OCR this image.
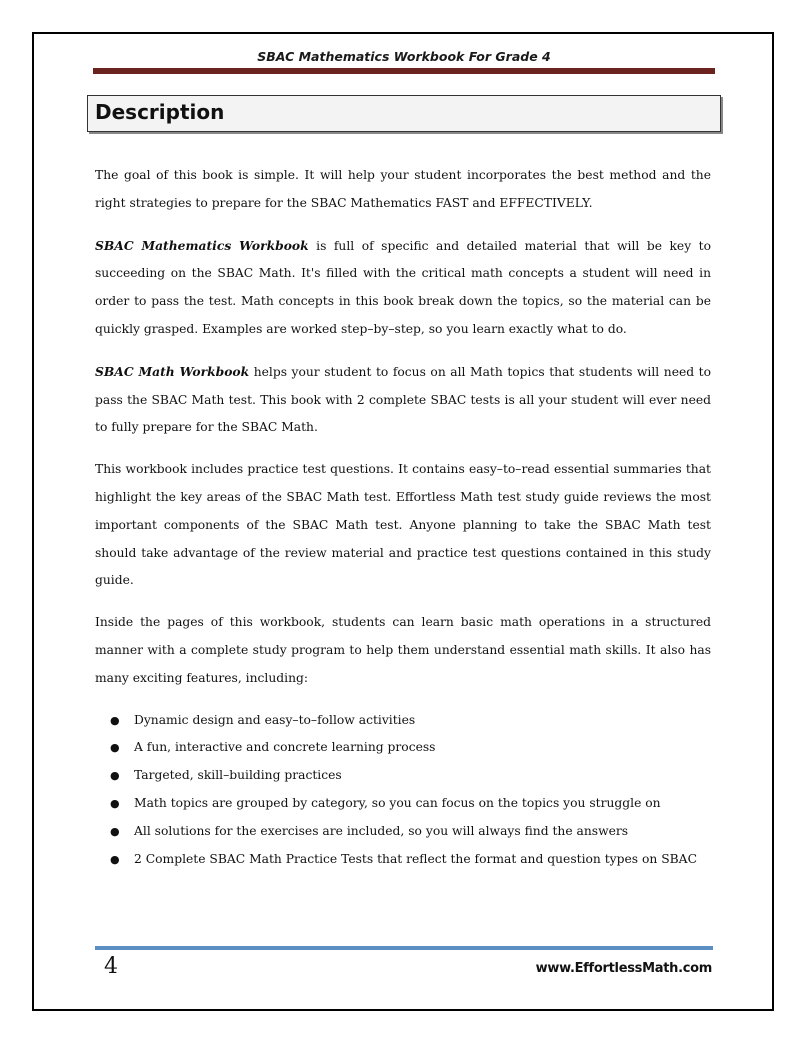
SBAC Mathematics Workbook For Grade 4
Description

The goal of this book is simple. It will help your student incorporates the best method and the right strategies to prepare for the SBAC Mathematics FAST and EFFECTIVELY.

SBAC Mathematics Workbook is full of specific and detailed material that will be key to succeeding on the SBAC Math. It's filled with the critical math concepts a student will need in order to pass the test. Math concepts in this book break down the topics, so the material can be quickly grasped. Examples are worked step–by–step, so you learn exactly what to do.

SBAC Math Workbook helps your student to focus on all Math topics that students will need to pass the SBAC Math test. This book with 2 complete SBAC tests is all your student will ever need to fully prepare for the SBAC Math.

This workbook includes practice test questions. It contains easy–to–read essential summaries that highlight the key areas of the SBAC Math test. Effortless Math test study guide reviews the most important components of the SBAC Math test. Anyone planning to take the SBAC Math test should take advantage of the review material and practice test questions contained in this study guide.

Inside the pages of this workbook, students can learn basic math operations in a structured manner with a complete study program to help them understand essential math skills. It also has many exciting features, including:

● Dynamic design and easy–to–follow activities
● A fun, interactive and concrete learning process
● Targeted, skill–building practices
● Math topics are grouped by category, so you can focus on the topics you struggle on
● All solutions for the exercises are included, so you will always find the answers
● 2 Complete SBAC Math Practice Tests that reflect the format and question types on SBAC
4	www.EffortlessMath.com
